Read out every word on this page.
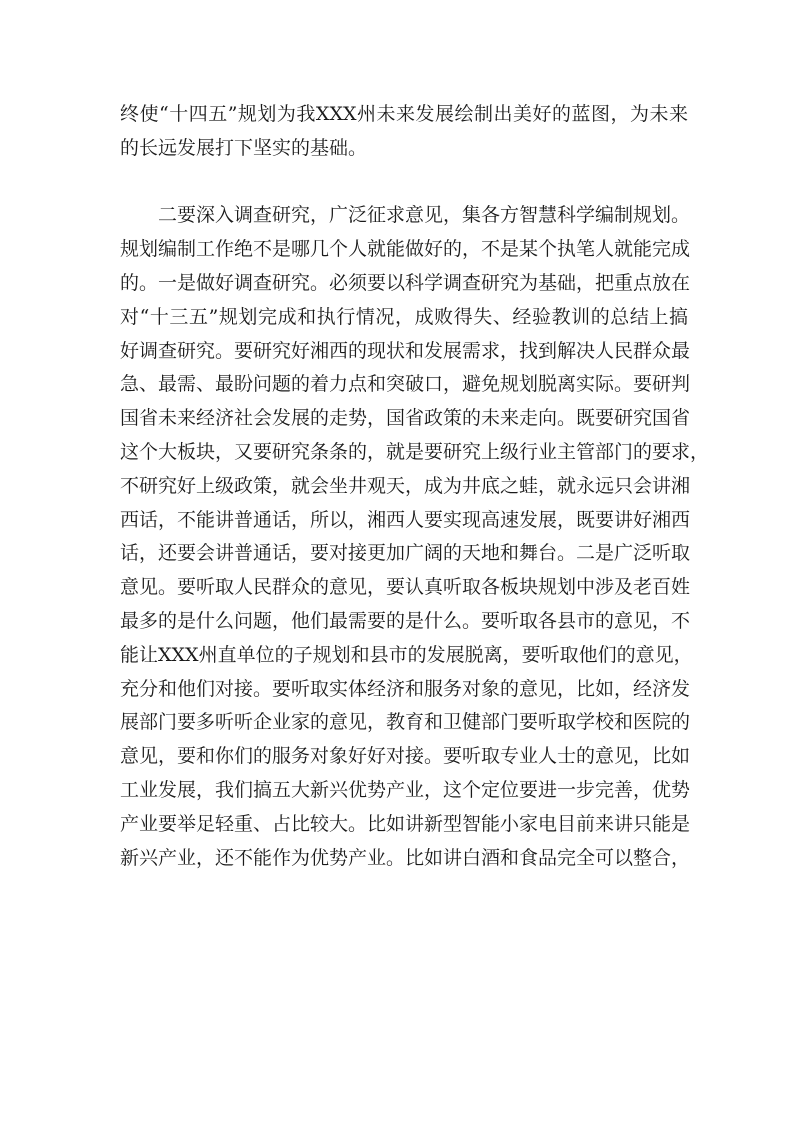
终使“十四五”规划为我XXX州未来发展绘制出美好的蓝图，为未来
的长远发展打下坚实的基础。
二要深入调查研究，广泛征求意见，集各方智慧科学编制规划。
规划编制工作绝不是哪几个人就能做好的，不是某个执笔人就能完成
的。一是做好调查研究。必须要以科学调查研究为基础，把重点放在
对“十三五”规划完成和执行情况，成败得失、经验教训的总结上搞
好调查研究。要研究好湘西的现状和发展需求，找到解决人民群众最
急、最需、最盼问题的着力点和突破口，避免规划脱离实际。要研判
国省未来经济社会发展的走势，国省政策的未来走向。既要研究国省
这个大板块，又要研究条条的，就是要研究上级行业主管部门的要求，
不研究好上级政策，就会坐井观天，成为井底之蛙，就永远只会讲湘
西话，不能讲普通话，所以，湘西人要实现高速发展，既要讲好湘西
话，还要会讲普通话，要对接更加广阔的天地和舞台。二是广泛听取
意见。要听取人民群众的意见，要认真听取各板块规划中涉及老百姓
最多的是什么问题，他们最需要的是什么。要听取各县市的意见，不
能让XXX州直单位的子规划和县市的发展脱离，要听取他们的意见，
充分和他们对接。要听取实体经济和服务对象的意见，比如，经济发
展部门要多听听企业家的意见，教育和卫健部门要听取学校和医院的
意见，要和你们的服务对象好好对接。要听取专业人士的意见，比如
工业发展，我们搞五大新兴优势产业，这个定位要进一步完善，优势
产业要举足轻重、占比较大。比如讲新型智能小家电目前来讲只能是
新兴产业，还不能作为优势产业。比如讲白酒和食品完全可以整合，
